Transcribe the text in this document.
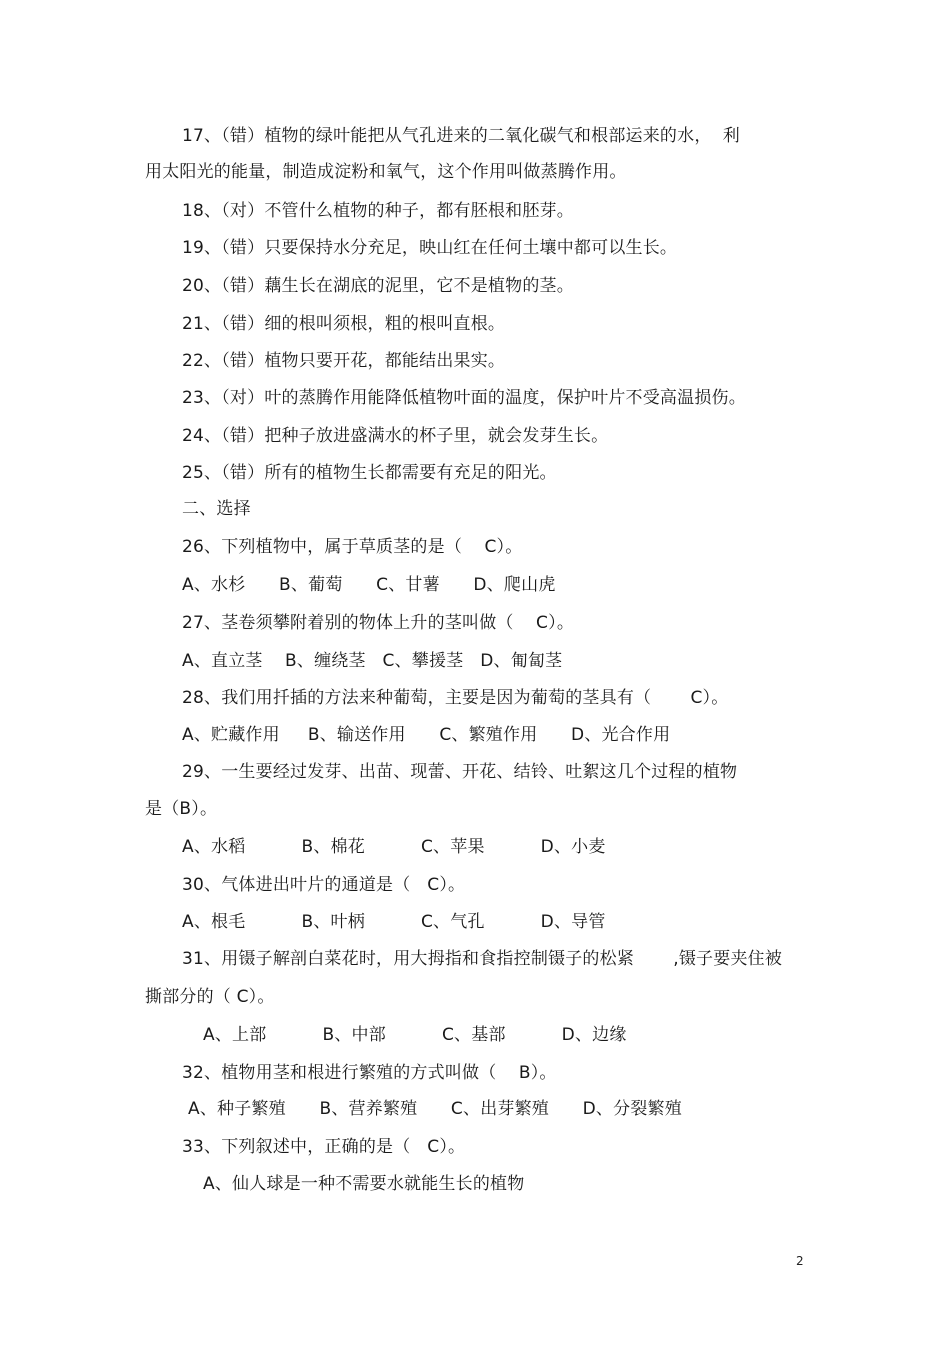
17、（错）植物的绿叶能把从气孔进来的二氧化碳气和根部运来的水，  利
用太阳光的能量，制造成淀粉和氧气，这个作用叫做蒸腾作用。
18、（对）不管什么植物的种子，都有胚根和胚芽。
19、（错）只要保持水分充足，映山红在任何土壤中都可以生长。
20、（错）藕生长在湖底的泥里，它不是植物的茎。
21、（错）细的根叫须根，粗的根叫直根。
22、（错）植物只要开花，都能结出果实。
23、（对）叶的蒸腾作用能降低植物叶面的温度，保护叶片不受高温损伤。
24、（错）把种子放进盛满水的杯子里，就会发芽生长。
25、（错）所有的植物生长都需要有充足的阳光。
二、选择
26、下列植物中，属于草质茎的是（    C）。
A、水杉      B、葡萄      C、甘薯      D、爬山虎
27、茎卷须攀附着别的物体上升的茎叫做（    C）。
A、直立茎    B、缠绕茎   C、攀援茎   D、匍匐茎
28、我们用扦插的方法来种葡萄，主要是因为葡萄的茎具有（       C）。
A、贮藏作用     B、输送作用      C、繁殖作用      D、光合作用
29、一生要经过发芽、出苗、现蕾、开花、结铃、吐絮这几个过程的植物
是（B）。
A、水稻          B、棉花          C、苹果          D、小麦
30、气体进出叶片的通道是（   C）。
A、根毛          B、叶柄          C、气孔          D、导管
31、用镊子解剖白菜花时，用大拇指和食指控制镊子的松紧       ,镊子要夹住被
撕部分的（ C）。
A、上部          B、中部          C、基部          D、边缘
32、植物用茎和根进行繁殖的方式叫做（    B）。
A、种子繁殖      B、营养繁殖      C、出芽繁殖      D、分裂繁殖
33、下列叙述中，正确的是（   C）。
A、仙人球是一种不需要水就能生长的植物
2
